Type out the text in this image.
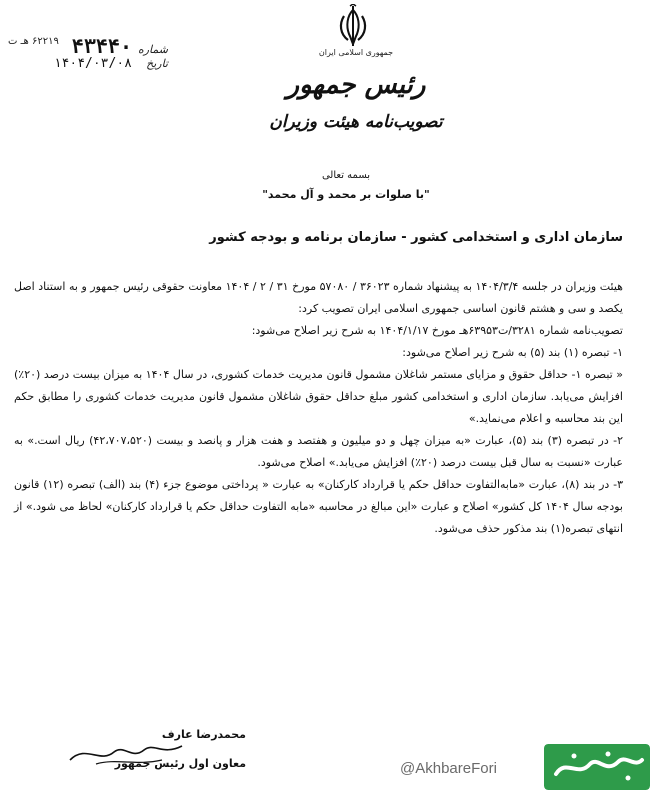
۶۲۲۱۹ هـ ت
شماره
۴۳۴۴۰
تاریخ
۱۴۰۴/۰۳/۰۸
جمهوری اسلامی ایران
رئیس جمهور
تصویب‌نامه هیئت وزیران
بسمه تعالی
"با صلوات بر محمد و آل محمد"
سازمان اداری و استخدامی کشور - سازمان برنامه و بودجه کشور

هیئت وزیران در جلسه ۱۴۰۴/۳/۴ به پیشنهاد شماره ۳۶۰۲۳ / ۵۷۰۸۰ مورخ ۳۱ / ۲ / ۱۴۰۴ معاونت حقوقی رئیس جمهور و به استناد اصل یکصد و سی و هشتم قانون اساسی جمهوری اسلامی ایران تصویب کرد:

تصویب‌نامه شماره ۳۲۸۱/ت۶۳۹۵۳هـ مورخ ۱۴۰۴/۱/۱۷ به شرح زیر اصلاح می‌شود:

۱- تبصره (۱) بند (۵) به شرح زیر اصلاح می‌شود:

« تبصره ۱- حداقل حقوق و مزایای مستمر شاغلان مشمول قانون مدیریت خدمات کشوری، در سال ۱۴۰۴ به میزان بیست درصد (۲۰٪) افزایش می‌یابد. سازمان اداری و استخدامی کشور مبلغ حداقل حقوق شاغلان مشمول قانون مدیریت خدمات کشوری را مطابق حکم این بند محاسبه و اعلام می‌نماید.»

۲- در تبصره (۳) بند (۵)، عبارت «به میزان چهل و دو میلیون و هفتصد و هفت هزار و پانصد و بیست (۴۲،۷۰۷،۵۲۰) ریال است.» به عبارت «نسبت به سال قبل بیست درصد (۲۰٪) افزایش می‌یابد.» اصلاح می‌شود.

۳- در بند (۸)، عبارت «مابه‌التفاوت حداقل حکم یا قرارداد کارکنان» به عبارت « پرداختی موضوع جزء (۴) بند (الف) تبصره (۱۲) قانون بودجه سال ۱۴۰۴ کل کشور» اصلاح و عبارت «این مبالغ در محاسبه «مابه التفاوت حداقل حکم یا قرارداد کارکنان» لحاظ می شود.» از انتهای تبصره(۱) بند مذکور حذف می‌شود.

محمدرضا عارف
معاون اول رئیس جمهور	@AkhbareFori
